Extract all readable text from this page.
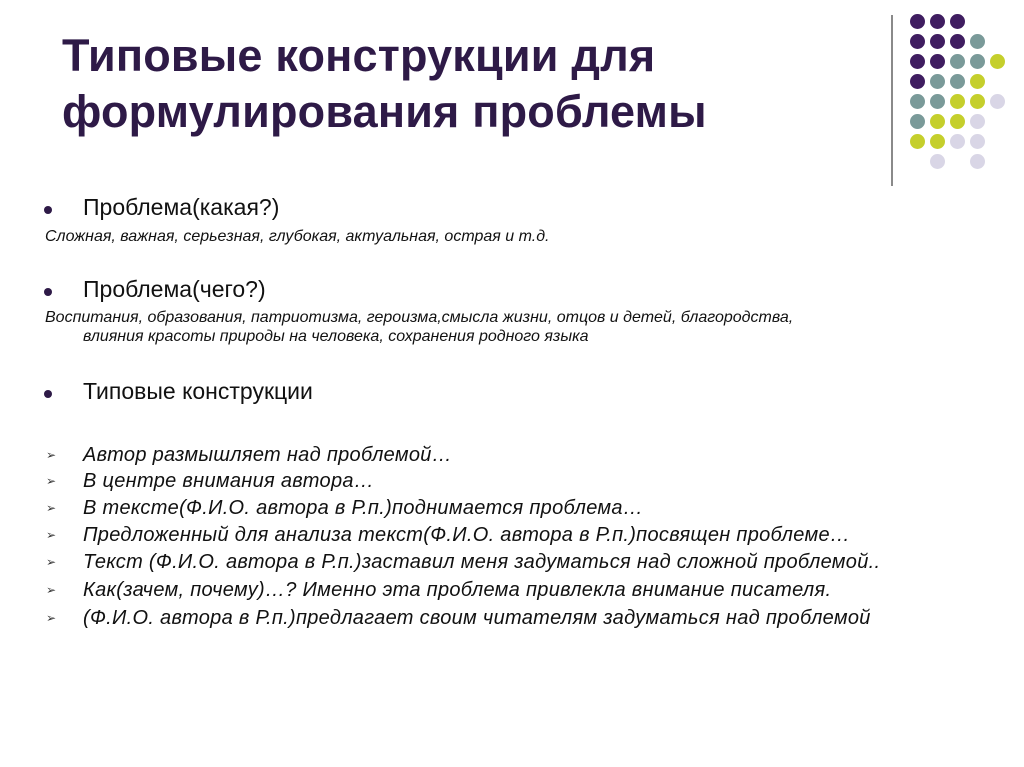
Типовые конструкции для
формулирования проблемы
Проблема(какая?)
Сложная, важная, серьезная, глубокая, актуальная, острая и т.д.
Проблема(чего?)
Воспитания, образования, патриотизма, героизма,смысла жизни, отцов и детей, благородства,
влияния красоты природы на человека, сохранения родного языка
Типовые конструкции
➢ Автор размышляет над проблемой…
➢ В центре внимания автора…
➢ В тексте(Ф.И.О. автора в Р.п.)поднимается проблема…
➢ Предложенный для анализа текст(Ф.И.О. автора в Р.п.)посвящен проблеме…
➢ Текст (Ф.И.О. автора в Р.п.)заставил меня задуматься над сложной проблемой..
➢ Как(зачем, почему)…? Именно эта проблема привлекла внимание писателя.
➢ (Ф.И.О. автора в Р.п.)предлагает своим читателям задуматься над проблемой
